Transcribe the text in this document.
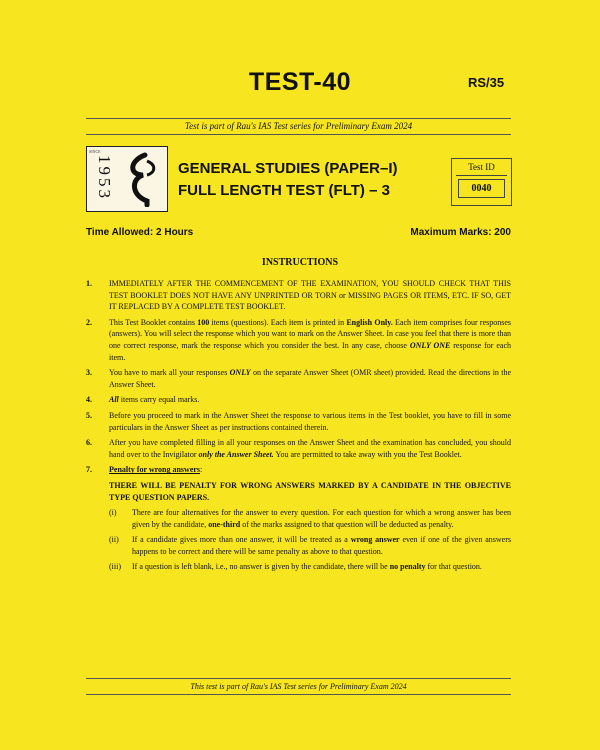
TEST-40	RS/35
Test is part of Rau's IAS Test series for Preliminary Exam 2024
SINCE
1953	GENERAL STUDIES (PAPER–I)
FULL LENGTH TEST (FLT) – 3
Test ID
0040
Time Allowed: 2 Hours	Maximum Marks: 200
INSTRUCTIONS
1.	IMMEDIATELY AFTER THE COMMENCEMENT OF THE EXAMINATION, YOU SHOULD CHECK THAT THIS TEST BOOKLET DOES NOT HAVE ANY UNPRINTED OR TORN or MISSING PAGES OR ITEMS, ETC. IF SO, GET IT REPLACED BY A COMPLETE TEST BOOKLET.
2.	This Test Booklet contains 100 items (questions). Each item is printed in English Only. Each item comprises four responses (answers). You will select the response which you want to mark on the Answer Sheet. In case you feel that there is more than one correct response, mark the response which you consider the best. In any case, choose ONLY ONE response for each item.
3.	You have to mark all your responses ONLY on the separate Answer Sheet (OMR sheet) provided. Read the directions in the Answer Sheet.
4.	All items carry equal marks.
5.	Before you proceed to mark in the Answer Sheet the response to various items in the Test booklet, you have to fill in some particulars in the Answer Sheet as per instructions contained therein.
6.	After you have completed filling in all your responses on the Answer Sheet and the examination has concluded, you should hand over to the Invigilator only the Answer Sheet. You are permitted to take away with you the Test Booklet.
7.	Penalty for wrong answers:
THERE WILL BE PENALTY FOR WRONG ANSWERS MARKED BY A CANDIDATE IN THE OBJECTIVE TYPE QUESTION PAPERS.
(i)	There are four alternatives for the answer to every question. For each question for which a wrong answer has been given by the candidate, one-third of the marks assigned to that question will be deducted as penalty.
(ii)	If a candidate gives more than one answer, it will be treated as a wrong answer even if one of the given answers happens to be correct and there will be same penalty as above to that question.
(iii)	If a question is left blank, i.e., no answer is given by the candidate, there will be no penalty for that question.
This test is part of Rau's IAS Test series for Preliminary Exam 2024
